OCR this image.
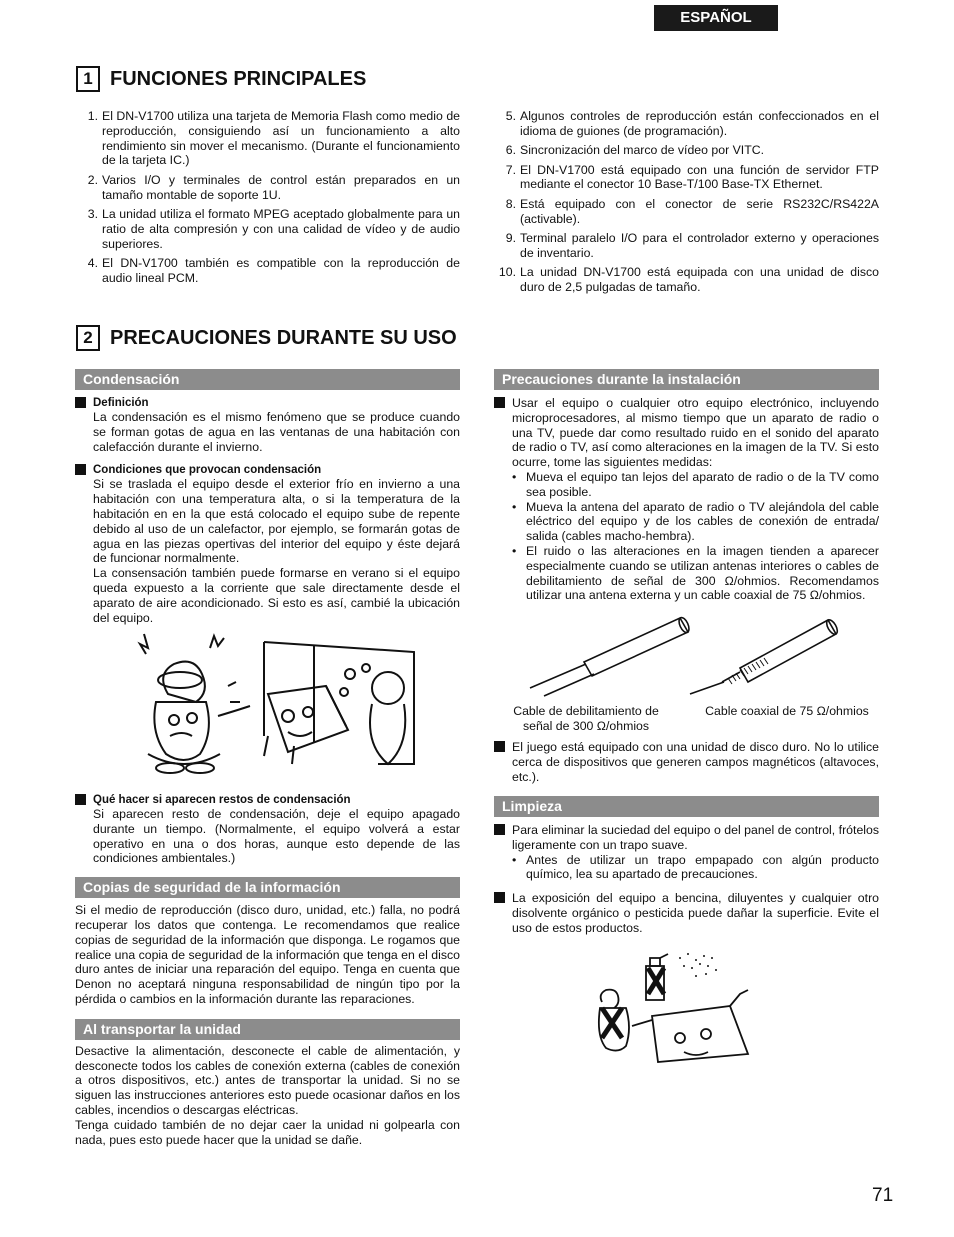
ESPAÑOL
1 FUNCIONES PRINCIPALES
1. El DN-V1700 utiliza una tarjeta de Memoria Flash como medio de reproducción, consiguiendo así un funcionamiento a alto rendimiento sin mover el mecanismo. (Durante el funcionamiento de la tarjeta IC.)
2. Varios I/O y terminales de control están preparados en un tamaño montable de soporte 1U.
3. La unidad utiliza el formato MPEG aceptado globalmente para un ratio de alta compresión y con una calidad de vídeo y de audio superiores.
4. El DN-V1700 también es compatible con la reproducción de audio lineal PCM.
5. Algunos controles de reproducción están confeccionados en el idioma de guiones (de programación).
6. Sincronización del marco de vídeo por VITC.
7. El DN-V1700 está equipado con una función de servidor FTP mediante el conector 10 Base-T/100 Base-TX Ethernet.
8. Está equipado con el conector de serie RS232C/RS422A (activable).
9. Terminal paralelo I/O para el controlador externo y operaciones de inventario.
10. La unidad DN-V1700 está equipada con una unidad de disco duro de 2,5 pulgadas de tamaño.
2 PRECAUCIONES DURANTE SU USO
Condensación
Definición
La condensación es el mismo fenómeno que se produce cuando se forman gotas de agua en las ventanas de una habitación con calefacción durante el invierno.
Condiciones que provocan condensación
Si se traslada el equipo desde el exterior frío en invierno a una habitación con una temperatura alta, o si la temperatura de la habitación en en la que está colocado el equipo sube de repente debido al uso de un calefactor, por ejemplo, se formarán gotas de agua en las piezas opertivas del interior del equipo y éste dejará de funcionar normalmente.
La consensación también puede formarse en verano si el equipo queda expuesto a la corriente que sale directamente desde el aparato de aire acondicionado. Si esto es así, cambié la ubicación del equipo.
Qué hacer si aparecen restos de condensación
Si aparecen resto de condensación, deje el equipo apagado durante un tiempo. (Normalmente, el equipo volverá a estar operativo en una o dos horas, aunque esto depende de las condiciones ambientales.)
Copias de seguridad de la información
Si el medio de reproducción (disco duro, unidad, etc.) falla, no podrá recuperar los datos que contenga. Le recomendamos que realice copias de seguridad de la información que disponga. Le rogamos que realice una copia de seguridad de la información que tenga en el disco duro antes de iniciar una reparación del equipo. Tenga en cuenta que Denon no aceptará ninguna responsabilidad de ningún tipo por la pérdida o cambios en la información durante las reparaciones.
Al transportar la unidad
Desactive la alimentación, desconecte el cable de alimentación, y desconecte todos los cables de conexión externa (cables de conexión a otros dispositivos, etc.) antes de transportar la unidad. Si no se siguen las instrucciones anteriores esto puede ocasionar daños en los cables, incendios o descargas eléctricas.
Tenga cuidado también de no dejar caer la unidad ni golpearla con nada, pues esto puede hacer que la unidad se dañe.
Precauciones durante la instalación
Usar el equipo o cualquier otro equipo electrónico, incluyendo microprocesadores, al mismo tiempo que un aparato de radio o una TV, puede dar como resultado ruido en el sonido del aparato de radio o TV, así como alteraciones en la imagen de la TV. Si esto ocurre, tome las siguientes medidas:
• Mueva el equipo tan lejos del aparato de radio o de la TV como sea posible.
• Mueva la antena del aparato de radio o TV alejándola del cable eléctrico del equipo y de los cables de conexión de entrada/ salida (cables macho-hembra).
• El ruido o las alteraciones en la imagen tienden a aparecer especialmente cuando se utilizan antenas interiores o cables de debilitamiento de señal de 300 Ω/ohmios. Recomendamos utilizar una antena externa y un cable coaxial de 75 Ω/ohmios.
Cable de debilitamiento de señal de 300 Ω/ohmios
Cable coaxial de 75 Ω/ohmios
El juego está equipado con una unidad de disco duro. No lo utilice cerca de dispositivos que generen campos magnéticos (altavoces, etc.).
Limpieza
Para eliminar la suciedad del equipo o del panel de control, frótelos ligeramente con un trapo suave.
• Antes de utilizar un trapo empapado con algún producto químico, lea su apartado de precauciones.
La exposición del equipo a bencina, diluyentes y cualquier otro disolvente orgánico o pesticida puede dañar la superficie. Evite el uso de estos productos.
71
